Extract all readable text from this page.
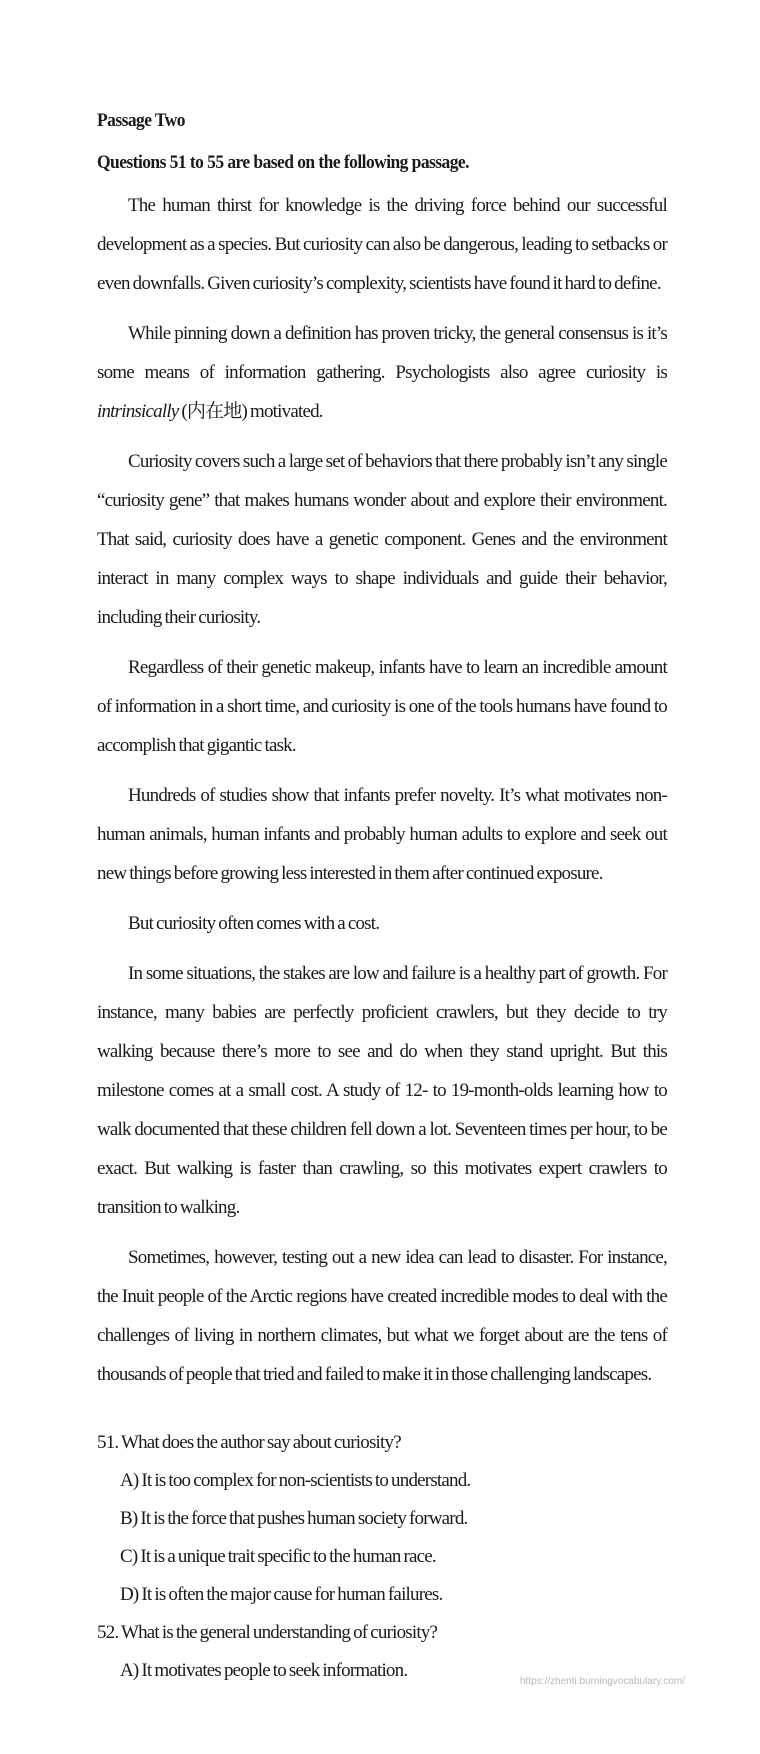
Passage Two
Questions 51 to 55 are based on the following passage.

The human thirst for knowledge is the driving force behind our successful development as a species. But curiosity can also be dangerous, leading to setbacks or even downfalls. Given curiosity’s complexity, scientists have found it hard to define.

While pinning down a definition has proven tricky, the general consensus is it’s some means of information gathering. Psychologists also agree curiosity is intrinsically (内在地) motivated.

Curiosity covers such a large set of behaviors that there probably isn’t any single “curiosity gene” that makes humans wonder about and explore their environment. That said, curiosity does have a genetic component. Genes and the environment interact in many complex ways to shape individuals and guide their behavior, including their curiosity.

Regardless of their genetic makeup, infants have to learn an incredible amount of information in a short time, and curiosity is one of the tools humans have found to accomplish that gigantic task.

Hundreds of studies show that infants prefer novelty. It’s what motivates non-human animals, human infants and probably human adults to explore and seek out new things before growing less interested in them after continued exposure.

But curiosity often comes with a cost.

In some situations, the stakes are low and failure is a healthy part of growth. For instance, many babies are perfectly proficient crawlers, but they decide to try walking because there’s more to see and do when they stand upright. But this milestone comes at a small cost. A study of 12- to 19-month-olds learning how to walk documented that these children fell down a lot. Seventeen times per hour, to be exact. But walking is faster than crawling, so this motivates expert crawlers to transition to walking.

Sometimes, however, testing out a new idea can lead to disaster. For instance, the Inuit people of the Arctic regions have created incredible modes to deal with the challenges of living in northern climates, but what we forget about are the tens of thousands of people that tried and failed to make it in those challenging landscapes.

51. What does the author say about curiosity?
A) It is too complex for non-scientists to understand.
B) It is the force that pushes human society forward.
C) It is a unique trait specific to the human race.
D) It is often the major cause for human failures.
52. What is the general understanding of curiosity?
A) It motivates people to seek information.
https://zhenti.burningvocabulary.com/
